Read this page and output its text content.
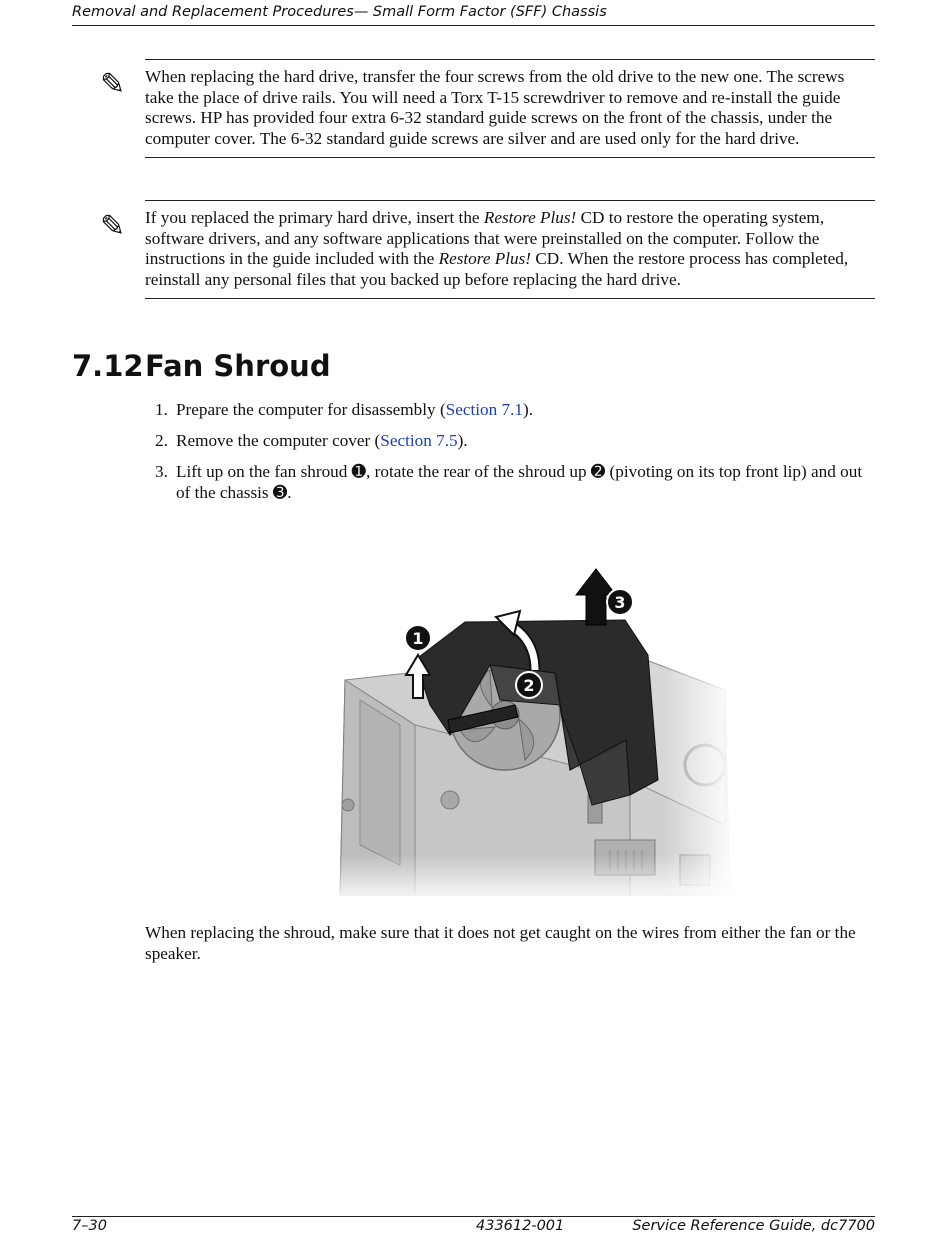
Removal and Replacement Procedures— Small Form Factor (SFF) Chassis
✎	When replacing the hard drive, transfer the four screws from the old drive to the new one. The screws take the place of drive rails. You will need a Torx T-15 screwdriver to remove and re-install the guide screws. HP has provided four extra 6-32 standard guide screws on the front of the chassis, under the computer cover. The 6-32 standard guide screws are silver and are used only for the hard drive.

✎	If you replaced the primary hard drive, insert the Restore Plus! CD to restore the operating system, software drivers, and any software applications that were preinstalled on the computer. Follow the instructions in the guide included with the Restore Plus! CD. When the restore process has completed, reinstall any personal files that you backed up before replacing the hard drive.

7.12Fan Shroud
1. Prepare the computer for disassembly (Section 7.1).
2. Remove the computer cover (Section 7.5).
3. Lift up on the fan shroud ➊, rotate the rear of the shroud up ➋ (pivoting on its top front lip) and out of the chassis ➌.

When replacing the shroud, make sure that it does not get caught on the wires from either the fan or the speaker.

7–30	433612-001	Service Reference Guide, dc7700
